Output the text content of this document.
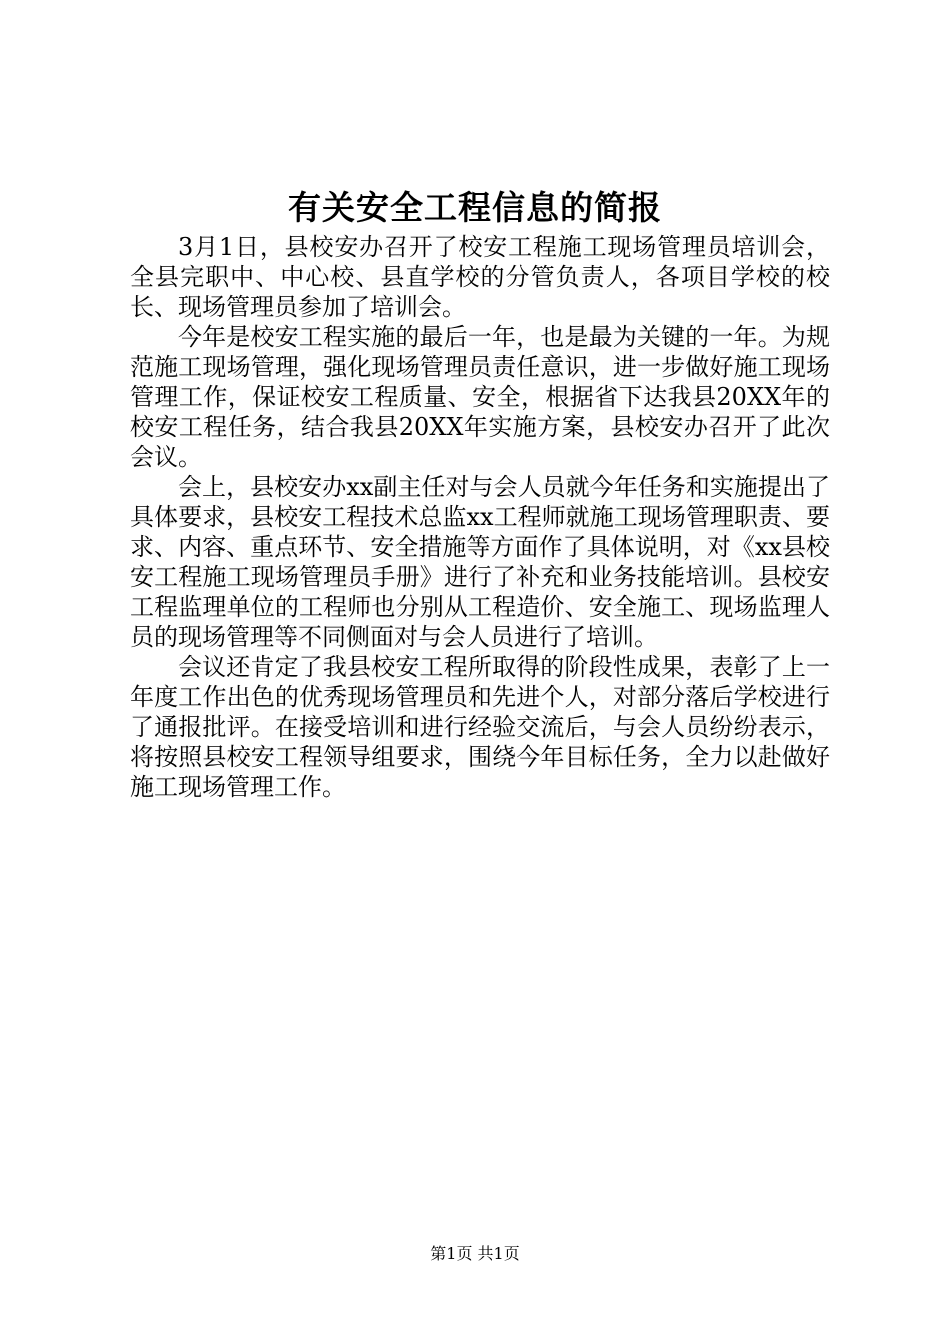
有关安全工程信息的简报

3月1日，县校安办召开了校安工程施工现场管理员培训会，全县完职中、中心校、县直学校的分管负责人，各项目学校的校长、现场管理员参加了培训会。

今年是校安工程实施的最后一年，也是最为关键的一年。为规范施工现场管理，强化现场管理员责任意识，进一步做好施工现场管理工作，保证校安工程质量、安全，根据省下达我县20XX年的校安工程任务，结合我县20XX年实施方案，县校安办召开了此次会议。

会上，县校安办xx副主任对与会人员就今年任务和实施提出了具体要求，县校安工程技术总监xx工程师就施工现场管理职责、要求、内容、重点环节、安全措施等方面作了具体说明，对《xx县校安工程施工现场管理员手册》进行了补充和业务技能培训。县校安工程监理单位的工程师也分别从工程造价、安全施工、现场监理人员的现场管理等不同侧面对与会人员进行了培训。

会议还肯定了我县校安工程所取得的阶段性成果，表彰了上一年度工作出色的优秀现场管理员和先进个人，对部分落后学校进行了通报批评。在接受培训和进行经验交流后，与会人员纷纷表示，将按照县校安工程领导组要求，围绕今年目标任务，全力以赴做好施工现场管理工作。

第1页 共1页
